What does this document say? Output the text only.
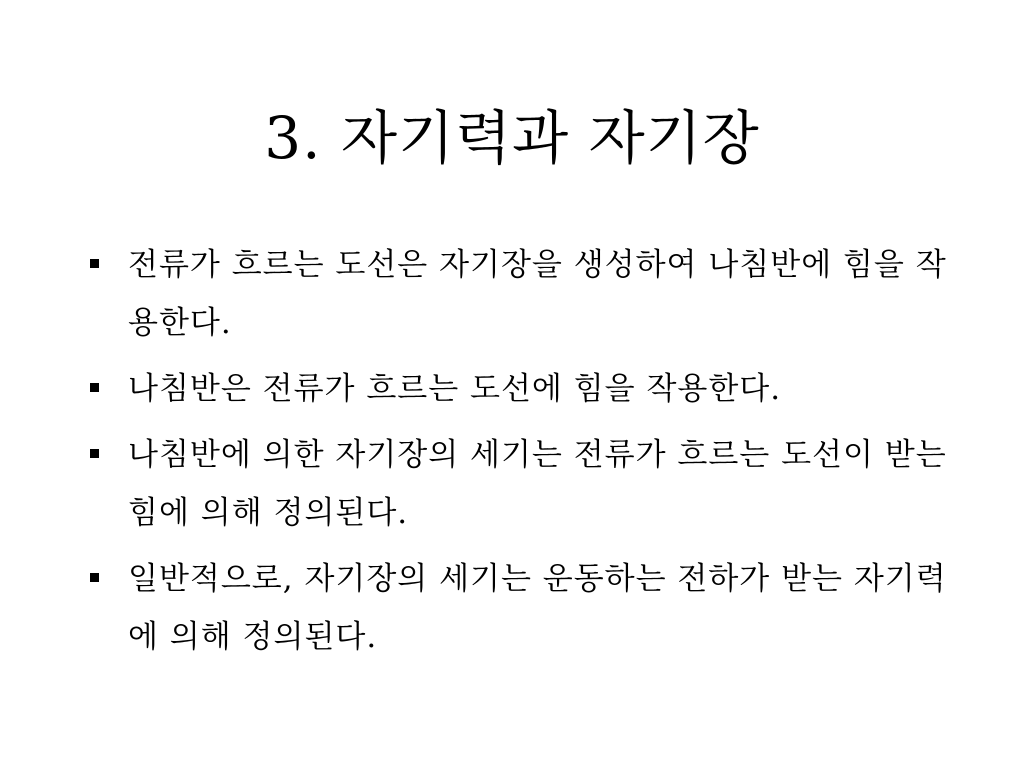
3. 자기력과 자기장
전류가 흐르는 도선은 자기장을 생성하여 나침반에 힘을 작용한다.
나침반은 전류가 흐르는 도선에 힘을 작용한다.
나침반에 의한 자기장의 세기는 전류가 흐르는 도선이 받는 힘에 의해 정의된다.
일반적으로, 자기장의 세기는 운동하는 전하가 받는 자기력에 의해 정의된다.
